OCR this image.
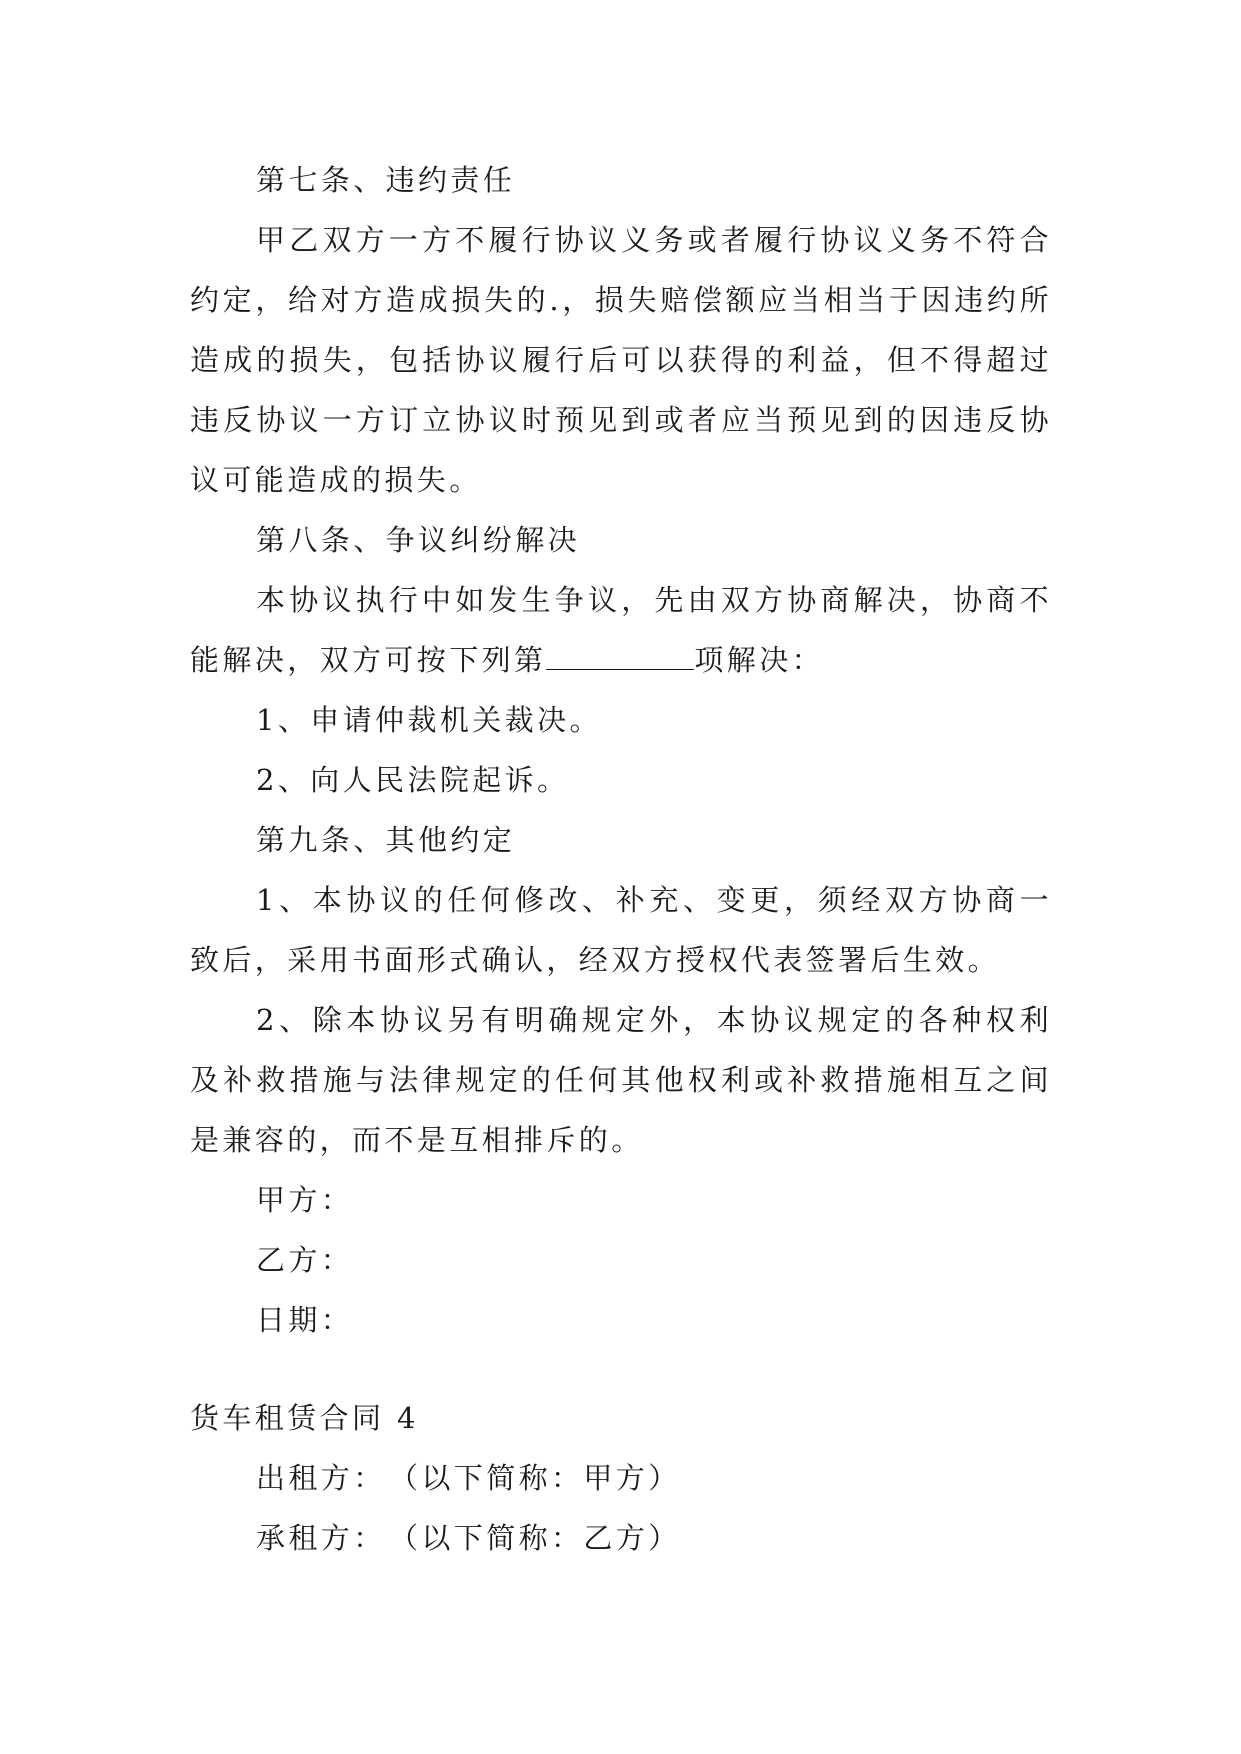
第七条、违约责任

甲乙双方一方不履行协议义务或者履行协议义务不符合约定，给对方造成损失的.，损失赔偿额应当相当于因违约所造成的损失，包括协议履行后可以获得的利益，但不得超过违反协议一方订立协议时预见到或者应当预见到的因违反协议可能造成的损失。

第八条、争议纠纷解决

本协议执行中如发生争议，先由双方协商解决，协商不能解决，双方可按下列第	项解决：

1、申请仲裁机关裁决。

2、向人民法院起诉。

第九条、其他约定

1、本协议的任何修改、补充、变更，须经双方协商一致后，采用书面形式确认，经双方授权代表签署后生效。

2、除本协议另有明确规定外，本协议规定的各种权利及补救措施与法律规定的任何其他权利或补救措施相互之间是兼容的，而不是互相排斥的。

甲方：

乙方：

日期：

货车租赁合同 4

出租方：　（以下简称：甲方）

承租方：　（以下简称：乙方）
